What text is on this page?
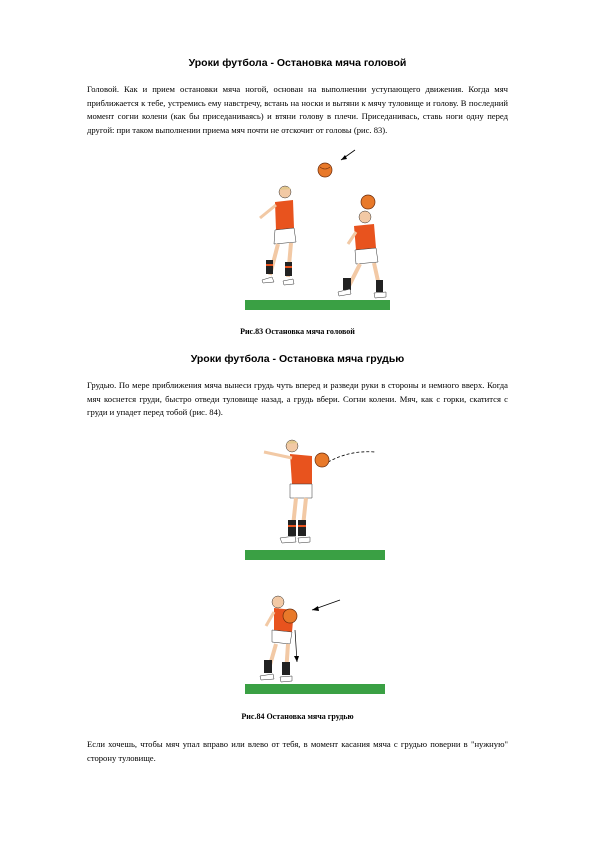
Уроки футбола - Остановка мяча головой

Головой. Как и прием остановки мяча ногой, основан на выполнении уступающего движения. Когда мяч приближается к тебе, устремись ему навстречу, встань на носки и вытяни к мячу туловище и голову. В последний момент согни колени (как бы приседаниваясь) и втяни голову в плечи. Приседанивась, ставь ноги одну перед другой: при таком выполнении приема мяч почти не отскочит от головы (рис. 83).

Рис.83 Остановка мяча головой
Уроки футбола - Остановка мяча грудью

Грудью. По мере приближения мяча вынеси грудь чуть вперед и разведи руки в стороны и немного вверх. Когда мяч коснется груди, быстро отведи туловище назад, а грудь вбери. Согни колени. Мяч, как с горки, скатится с груди и упадет перед тобой (рис. 84).

Рис.84 Остановка мяча грудью

Если хочешь, чтобы мяч упал вправо или влево от тебя, в момент касания мяча с грудью поверни в "нужную" сторону туловище.
